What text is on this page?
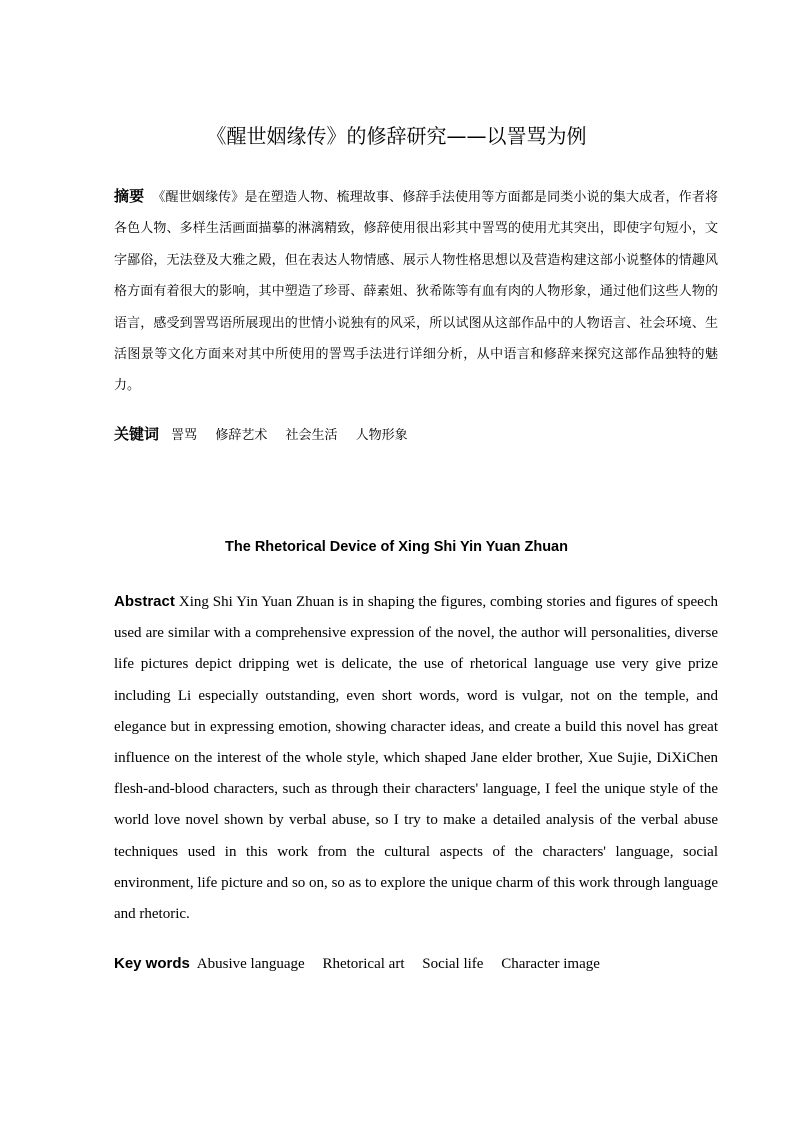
《醒世姻缘传》的修辞研究——以詈骂为例
摘要 《醒世姻缘传》是在塑造人物、梳理故事、修辞手法使用等方面都是同类小说的集大成者，作者将各色人物、多样生活画面描摹的淋漓精致，修辞使用很出彩其中詈骂的使用尤其突出，即使字句短小，文字鄙俗，无法登及大雅之殿，但在表达人物情感、展示人物性格思想以及营造构建这部小说整体的情趣风格方面有着很大的影响，其中塑造了珍哥、薛素姐、狄希陈等有血有肉的人物形象，通过他们这些人物的语言，感受到詈骂语所展现出的世情小说独有的风采，所以试图从这部作品中的人物语言、社会环境、生活图景等文化方面来对其中所使用的詈骂手法进行详细分析，从中语言和修辞来探究这部作品独特的魅力。
关键词 詈骂 修辞艺术 社会生活 人物形象
The Rhetorical Device of Xing Shi Yin Yuan Zhuan
Abstract Xing Shi Yin Yuan Zhuan is in shaping the figures, combing stories and figures of speech used are similar with a comprehensive expression of the novel, the author will personalities, diverse life pictures depict dripping wet is delicate, the use of rhetorical language use very give prize including Li especially outstanding, even short words, word is vulgar, not on the temple, and elegance but in expressing emotion, showing character ideas, and create a build this novel has great influence on the interest of the whole style, which shaped Jane elder brother, Xue Sujie, DiXiChen flesh-and-blood characters, such as through their characters' language, I feel the unique style of the world love novel shown by verbal abuse, so I try to make a detailed analysis of the verbal abuse techniques used in this work from the cultural aspects of the characters' language, social environment, life picture and so on, so as to explore the unique charm of this work through language and rhetoric.
Key words Abusive language Rhetorical art Social life Character image
